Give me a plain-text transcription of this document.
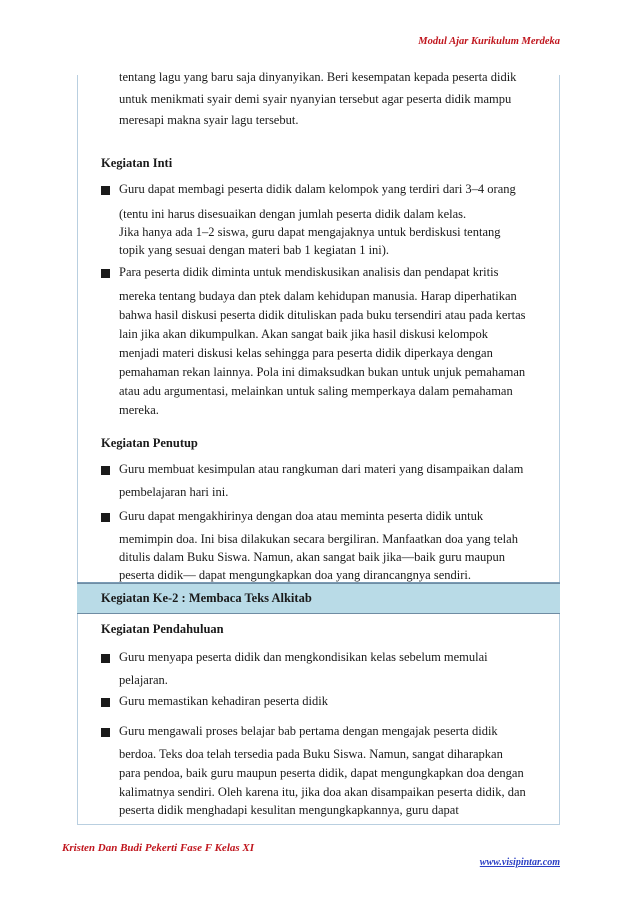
Modul Ajar Kurikulum Merdeka
tentang lagu yang baru saja dinyanyikan. Beri kesempatan kepada peserta didik
untuk menikmati syair demi syair nyanyian tersebut agar peserta didik mampu
meresapi makna syair lagu tersebut.
Kegiatan Inti
Guru dapat membagi peserta didik dalam kelompok yang terdiri dari 3–4 orang
(tentu ini harus disesuaikan dengan jumlah peserta didik dalam kelas.
Jika hanya ada 1–2 siswa, guru dapat mengajaknya untuk berdiskusi tentang
topik yang sesuai dengan materi bab 1 kegiatan 1 ini).
Para peserta didik diminta untuk mendiskusikan analisis dan pendapat kritis
mereka tentang budaya dan ptek dalam kehidupan manusia. Harap diperhatikan
bahwa hasil diskusi peserta didik dituliskan pada buku tersendiri atau pada kertas
lain jika akan dikumpulkan. Akan sangat baik jika hasil diskusi kelompok
menjadi materi diskusi kelas sehingga para peserta didik diperkaya dengan
pemahaman rekan lainnya. Pola ini dimaksudkan bukan untuk unjuk pemahaman
atau adu argumentasi, melainkan untuk saling memperkaya dalam pemahaman
mereka.
Kegiatan Penutup
Guru membuat kesimpulan atau rangkuman dari materi yang disampaikan dalam
pembelajaran hari ini.
Guru dapat mengakhirinya dengan doa atau meminta peserta didik untuk
memimpin doa. Ini bisa dilakukan secara bergiliran. Manfaatkan doa yang telah
ditulis dalam Buku Siswa. Namun, akan sangat baik jika—baik guru maupun
peserta didik— dapat mengungkapkan doa yang dirancangnya sendiri.
Kegiatan Ke-2 : Membaca Teks Alkitab
Kegiatan Pendahuluan
Guru menyapa peserta didik dan mengkondisikan kelas sebelum memulai
pelajaran.
Guru memastikan kehadiran peserta didik
Guru mengawali proses belajar bab pertama dengan mengajak peserta didik
berdoa. Teks doa telah tersedia pada Buku Siswa. Namun, sangat diharapkan
para pendoa, baik guru maupun peserta didik, dapat mengungkapkan doa dengan
kalimatnya sendiri. Oleh karena itu, jika doa akan disampaikan peserta didik, dan
peserta didik menghadapi kesulitan mengungkapkannya, guru dapat
Kristen Dan Budi Pekerti Fase F Kelas XI
www.visipintar.com
